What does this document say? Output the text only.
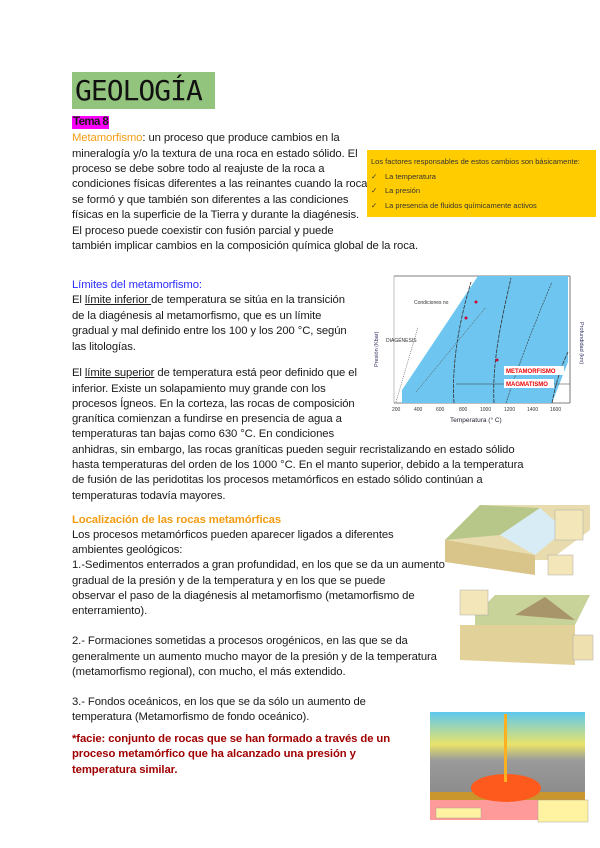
GEOLOGÍA
Tema 8
Metamorfismo: un proceso que produce cambios en la
mineralogía y/o la textura de una roca en estado sólido. El
proceso se debe sobre todo al reajuste de la roca a
condiciones físicas diferentes a las reinantes cuando la roca
se formó y que también son diferentes a las condiciones
físicas en la superficie de la Tierra y durante la diagénesis.
El proceso puede coexistir con fusión parcial y puede
también implicar cambios en la composición química global de la roca.
Los factores responsables de estos cambios son básicamente:
✓ La temperatura
✓ La presión
✓ La presencia de fluidos químicamente activos
Límites del metamorfismo:
El límite inferior de temperatura se sitúa en la transición
de la diagénesis al metamorfismo, que es un límite
gradual y mal definido entre los 100 y los 200 °C, según
las litologías.
El límite superior de temperatura está peor definido que el
inferior. Existe un solapamiento muy grande con los
procesos Ígneos. En la corteza, las rocas de composición
granítica comienzan a fundirse en presencia de agua a
temperaturas tan bajas como 630 °C. En condiciones
anhidras, sin embargo, las rocas graníticas pueden seguir recristalizando en estado sólido
hasta temperaturas del orden de los 1000 °C. En el manto superior, debido a la temperatura
de fusión de las peridotitas los procesos metamórficos en estado sólido continúan a
temperaturas todavía mayores.
Condiciones no
DIAGÉNESIS
METAMORFISMO
MAGMATISMO
200	400	600	800	1000	1200 1400 1600
Temperatura (° C)
Presión (Kbar)	Profundidad (km)
Localización de las rocas metamórficas
Los procesos metamórficos pueden aparecer ligados a diferentes
ambientes geológicos:
1.-Sedimentos enterrados a gran profundidad, en los que se da un aumento
gradual de la presión y de la temperatura y en los que se puede
observar el paso de la diagénesis al metamorfismo (metamorfismo de
enterramiento).
2.- Formaciones sometidas a procesos orogénicos, en las que se da
generalmente un aumento mucho mayor de la presión y de la temperatura
(metamorfismo regional), con mucho, el más extendido.
3.- Fondos oceánicos, en los que se da sólo un aumento de
temperatura (Metamorfismo de fondo oceánico).
*facie: conjunto de rocas que se han formado a través de un
proceso metamórfico que ha alcanzado una presión y
temperatura similar.
